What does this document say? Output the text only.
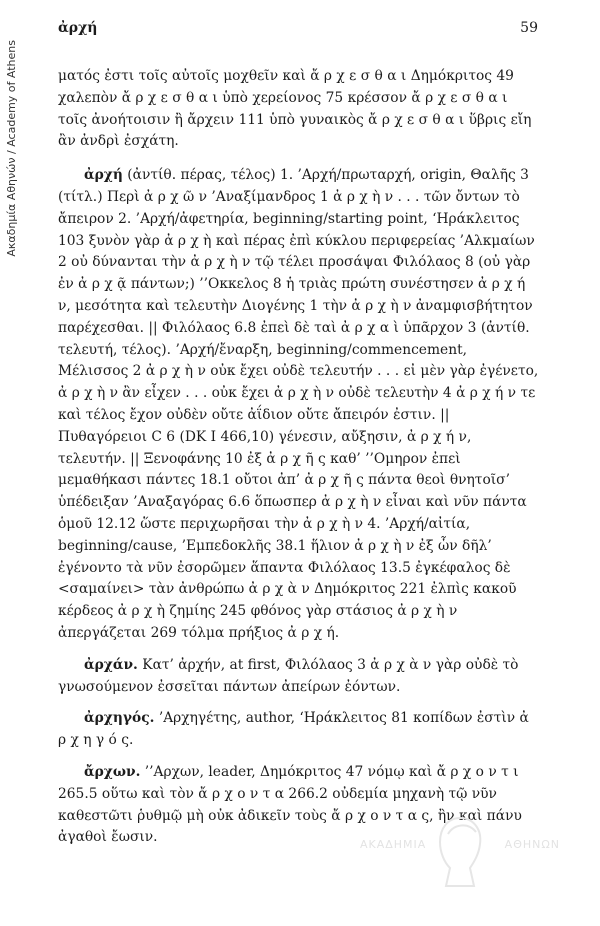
Ακαδημία Αθηνών / Academy of Athens
ἀρχή	59

ματός ἐστι τοῖς αὐτοῖς μοχθεῖν καὶ ἄ ρ χ ε σ θ α ι Δημόκριτος 49 χαλεπὸν ἄ ρ χ ε σ θ α ι ὑπὸ χερείονος 75 κρέσσον ἄ ρ χ ε σ θ α ι τοῖς ἀνοήτοισιν ἢ ἄρχειν 111 ὑπὸ γυναικὸς ἄ ρ χ ε σ θ α ι ὕβρις εἴη ἂν ἀνδρὶ ἐσχάτη.

ἀρχή (ἀντίθ. πέρας, τέλος) 1. ’Αρχή/πρωταρχή, origin, Θαλῆς 3 (τίτλ.) Περὶ ἀ ρ χ ῶ ν ’Αναξίμανδρος 1 ἀ ρ χ ὴ ν . . . τῶν ὄντων τὸ ἄπειρον 2. ’Αρχή/ἀφετηρία, beginning/starting point, ‘Ηράκλειτος 103 ξυνὸν γὰρ ἀ ρ χ ὴ καὶ πέρας ἐπὶ κύκλου περιφερείας ’Αλκμαίων 2 οὐ δύνανται τὴν ἀ ρ χ ὴ ν τῷ τέλει προσάψαι Φιλόλαος 8 (οὐ γὰρ ἐν ἀ ρ χ ᾷ πάντων;) ’’Οκκελος 8 ἡ τριὰς πρώτη συνέστησεν ἀ ρ χ ή ν, μεσότητα καὶ τελευτὴν Διογένης 1 τὴν ἀ ρ χ ὴ ν ἀναμφισβήτητον παρέχεσθαι. || Φιλόλαος 6.8 ἐπεὶ δὲ ταὶ ἀ ρ χ α ὶ ὑπᾶρχον 3 (ἀντίθ. τελευτή, τέλος). ’Αρχή/ἔναρξη, beginning/commencement, Μέλισσος 2 ἀ ρ χ ὴ ν οὐκ ἔχει οὐδὲ τελευτήν . . . εἰ μὲν γὰρ ἐγένετο, ἀ ρ χ ὴ ν ἂν εἶχεν . . . οὐκ ἔχει ἀ ρ χ ὴ ν οὐδὲ τελευτὴν 4 ἀ ρ χ ή ν τε καὶ τέλος ἔχον οὐδὲν οὔτε ἀΐδιον οὔτε ἄπειρόν ἐστιν. || Πυθαγόρειοι C 6 (DK I 466,10) γένεσιν, αὔξησιν, ἀ ρ χ ή ν, τελευτήν. || Ξενοφάνης 10 ἐξ ἀ ρ χ ῆ ς καθ’ ’’Ομηρον ἐπεὶ μεμαθήκασι πάντες 18.1 οὔτοι ἀπ’ ἀ ρ χ ῆ ς πάντα θεοὶ θνητοῖσ’ ὑπέδειξαν ’Αναξαγόρας 6.6 ὅπωσπερ ἀ ρ χ ὴ ν εἶναι καὶ νῦν πάντα ὁμοῦ 12.12 ὥστε περιχωρῆσαι τὴν ἀ ρ χ ὴ ν 4. ’Αρχή/αἰτία, beginning/cause, ’Εμπεδοκλῆς 38.1 ἥλιον ἀ ρ χ ὴ ν ἐξ ὧν δῆλ’ ἐγένοντο τὰ νῦν ἐσορῶμεν ἅπαντα Φιλόλαος 13.5 ἐγκέφαλος δὲ <σαμαίνει> τὰν ἀνθρώπω ἀ ρ χ ὰ ν Δημόκριτος 221 ἐλπὶς κακοῦ κέρδεος ἀ ρ χ ὴ ζημίης 245 φθόνος γὰρ στάσιος ἀ ρ χ ὴ ν ἀπεργάζεται 269 τόλμα πρήξιος ἀ ρ χ ή.

ἀρχάν. Κατ’ ἀρχήν, at first, Φιλόλαος 3 ἀ ρ χ ὰ ν γὰρ οὐδὲ τὸ γνωσούμενον ἐσσεῖται πάντων ἀπείρων ἐόντων.

ἀρχηγός. ’Αρχηγέτης, author, ‘Ηράκλειτος 81 κοπίδων ἐστὶν ἀ ρ χ η γ ό ς.

ἄρχων. ’’Αρχων, leader, Δημόκριτος 47 νόμῳ καὶ ἄ ρ χ ο ν τ ι 265.5 οὕτω καὶ τὸν ἄ ρ χ ο ν τ α 266.2 οὐδεμία μηχανὴ τῷ νῦν καθεστῶτι ῥυθμῷ μὴ οὐκ ἀδικεῖν τοὺς ἄ ρ χ ο ν τ α ς, ἢν καὶ πάνυ ἀγαθοὶ ἔωσιν.	ΑΚΑΔΗΜΙΑ	ΑΘΗΝΩΝ
